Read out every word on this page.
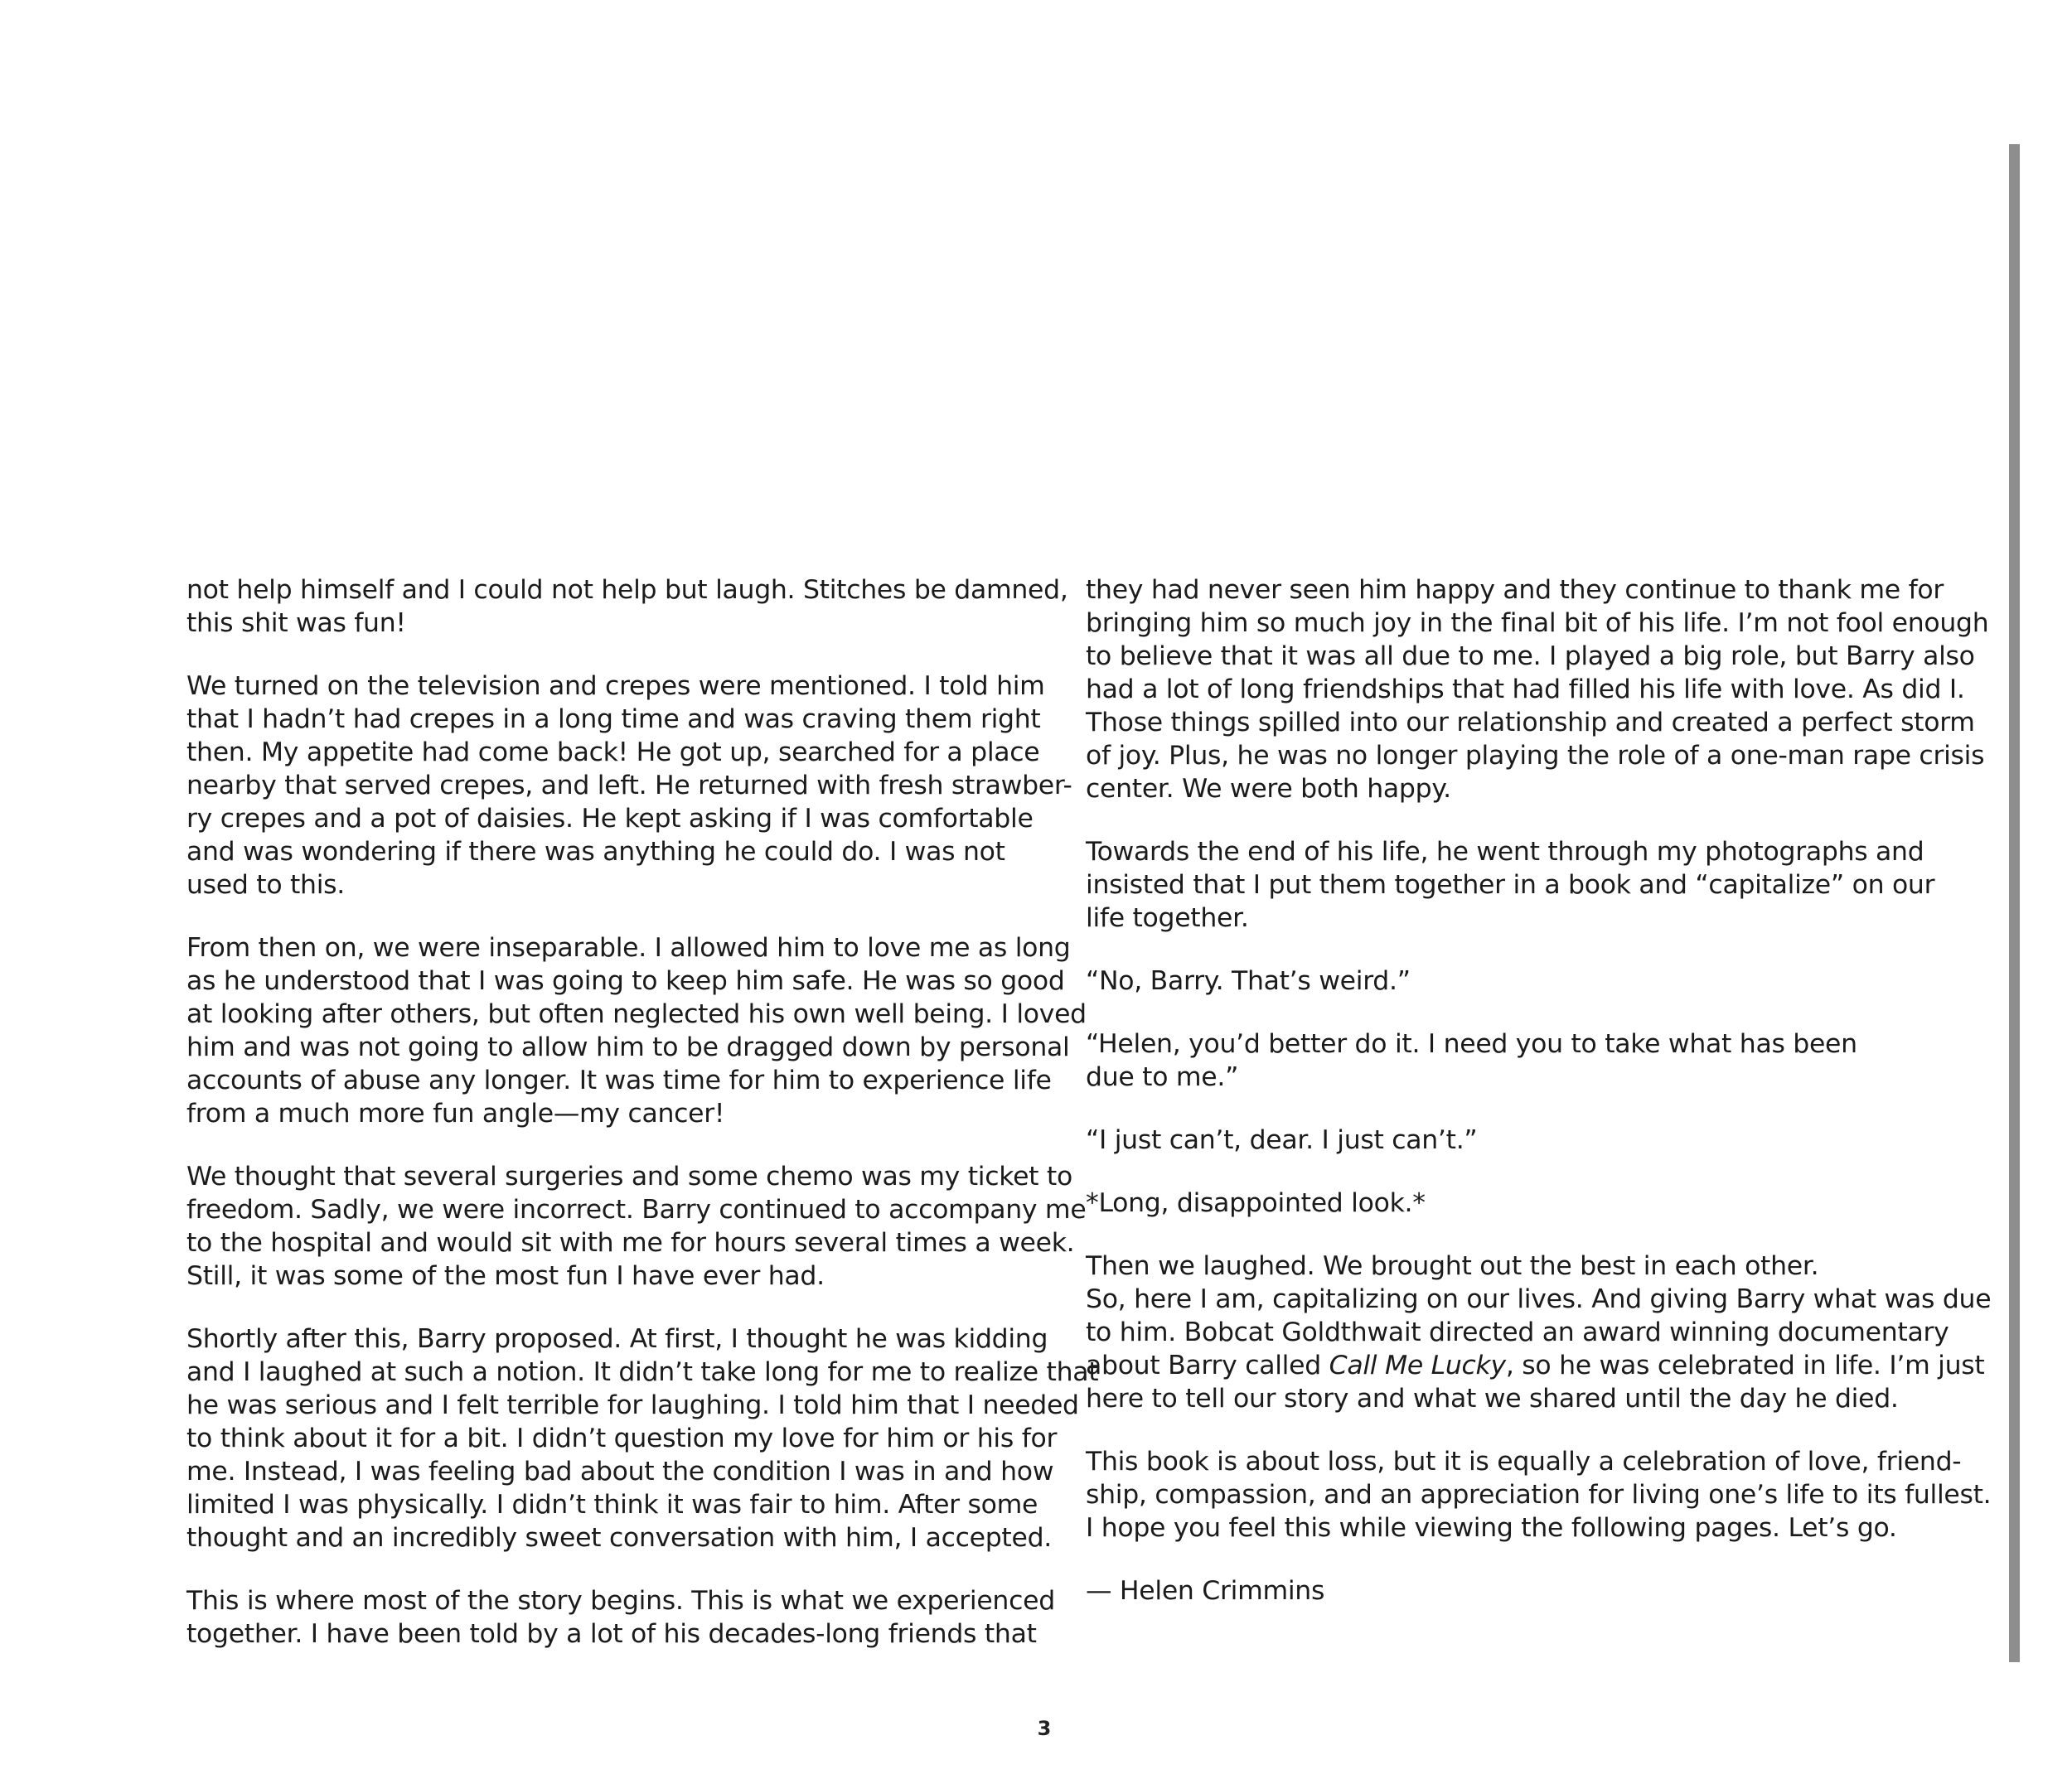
not help himself and I could not help but laugh. Stitches be damned,
this shit was fun!

We turned on the television and crepes were mentioned. I told him
that I hadn’t had crepes in a long time and was craving them right
then. My appetite had come back! He got up, searched for a place
nearby that served crepes, and left. He returned with fresh strawber-
ry crepes and a pot of daisies. He kept asking if I was comfortable
and was wondering if there was anything he could do. I was not
used to this.

From then on, we were inseparable. I allowed him to love me as long
as he understood that I was going to keep him safe. He was so good
at looking after others, but often neglected his own well being. I loved
him and was not going to allow him to be dragged down by personal
accounts of abuse any longer. It was time for him to experience life
from a much more fun angle—my cancer!

We thought that several surgeries and some chemo was my ticket to
freedom. Sadly, we were incorrect. Barry continued to accompany me
to the hospital and would sit with me for hours several times a week.
Still, it was some of the most fun I have ever had.

Shortly after this, Barry proposed. At first, I thought he was kidding
and I laughed at such a notion. It didn’t take long for me to realize that
he was serious and I felt terrible for laughing. I told him that I needed
to think about it for a bit. I didn’t question my love for him or his for
me. Instead, I was feeling bad about the condition I was in and how
limited I was physically. I didn’t think it was fair to him. After some
thought and an incredibly sweet conversation with him, I accepted.

This is where most of the story begins. This is what we experienced
together. I have been told by a lot of his decades-long friends that

they had never seen him happy and they continue to thank me for
bringing him so much joy in the final bit of his life. I’m not fool enough
to believe that it was all due to me. I played a big role, but Barry also
had a lot of long friendships that had filled his life with love. As did I.
Those things spilled into our relationship and created a perfect storm
of joy. Plus, he was no longer playing the role of a one-man rape crisis
center. We were both happy.

Towards the end of his life, he went through my photographs and
insisted that I put them together in a book and “capitalize” on our
life together.

“No, Barry. That’s weird.”

“Helen, you’d better do it. I need you to take what has been
due to me.”

“I just can’t, dear. I just can’t.”

*Long, disappointed look.*

Then we laughed. We brought out the best in each other.
So, here I am, capitalizing on our lives. And giving Barry what was due
to him. Bobcat Goldthwait directed an award winning documentary
about Barry called Call Me Lucky, so he was celebrated in life. I’m just
here to tell our story and what we shared until the day he died.

This book is about loss, but it is equally a celebration of love, friend-
ship, compassion, and an appreciation for living one’s life to its fullest.
I hope you feel this while viewing the following pages. Let’s go.

— Helen Crimmins

3
